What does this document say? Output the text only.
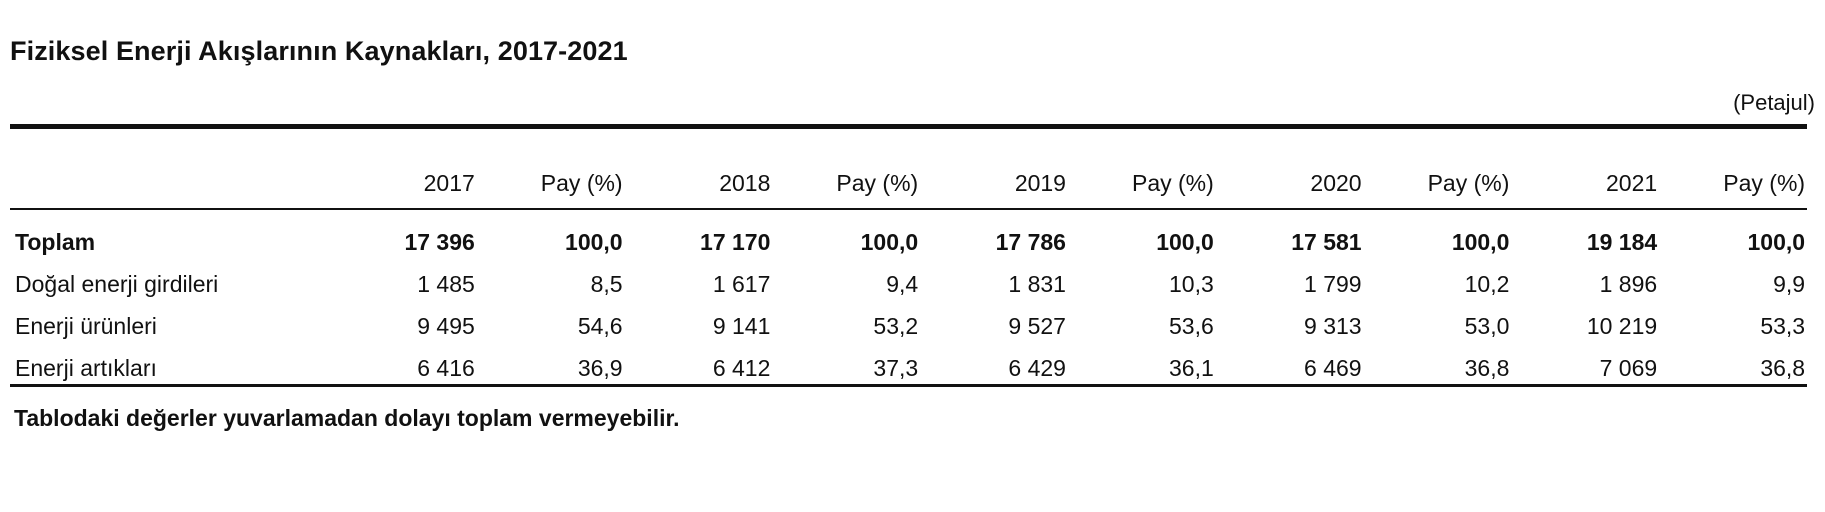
Fiziksel Enerji Akışlarının Kaynakları, 2017-2021
(Petajul)

	2017	Pay (%)	2018	Pay (%)	2019	Pay (%)	2020	Pay (%)	2021	Pay (%)

Toplam	17 396	100,0	17 170	100,0	17 786	100,0	17 581	100,0	19 184	100,0
Doğal enerji girdileri	1 485	8,5	1 617	9,4	1 831	10,3	1 799	10,2	1 896	9,9
Enerji ürünleri	9 495	54,6	9 141	53,2	9 527	53,6	9 313	53,0	10 219	53,3
Enerji artıkları	6 416	36,9	6 412	37,3	6 429	36,1	6 469	36,8	7 069	36,8
Tablodaki değerler yuvarlamadan dolayı toplam vermeyebilir.
